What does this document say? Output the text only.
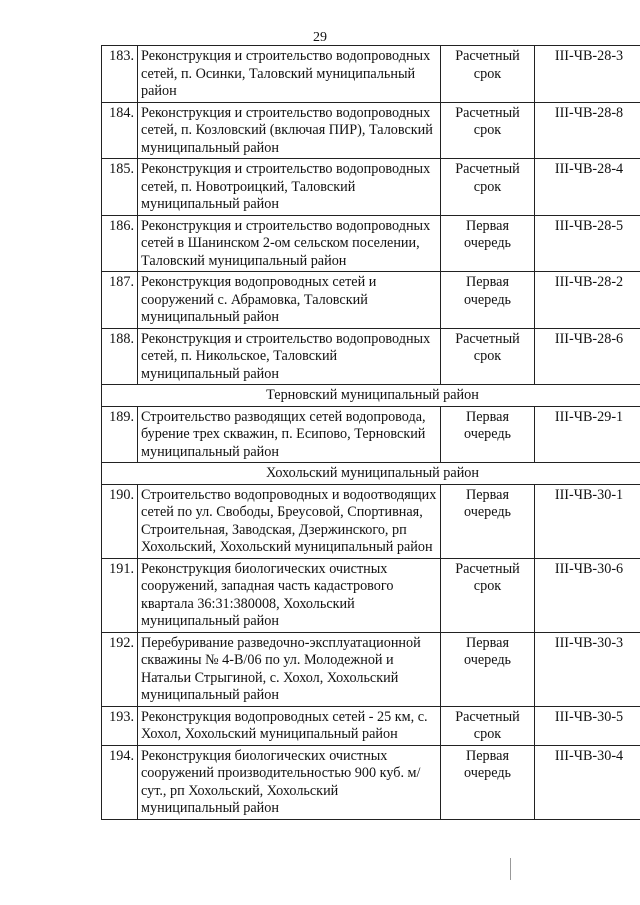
29
183.	Реконструкция и строительство водопроводных сетей, п. Осинки, Таловский муниципальный район	Расчетный срок	III-ЧВ-28-3
184.	Реконструкция и строительство водопроводных сетей, п. Козловский (включая ПИР), Таловский муниципальный район	Расчетный срок	III-ЧВ-28-8
185.	Реконструкция и строительство водопроводных сетей, п. Новотроицкий, Таловский муниципальный район	Расчетный срок	III-ЧВ-28-4
186.	Реконструкция и строительство водопроводных сетей в Шанинском 2-ом сельском поселении, Таловский муниципальный район	Первая очередь	III-ЧВ-28-5
187.	Реконструкция водопроводных сетей и сооружений с. Абрамовка, Таловский муниципальный район	Первая очередь	III-ЧВ-28-2
188.	Реконструкция и строительство водопроводных сетей, п. Никольское, Таловский муниципальный район	Расчетный срок	III-ЧВ-28-6
Терновский муниципальный район			
189.	Строительство разводящих сетей водопровода, бурение трех скважин, п. Есипово, Терновский муниципальный район	Первая очередь	III-ЧВ-29-1
Хохольский муниципальный район			
190.	Строительство водопроводных и водоотводящих сетей по ул. Свободы, Бреусовой, Спортивная, Строительная, Заводская, Дзержинского, рп Хохольский, Хохольский муниципальный район	Первая очередь	III-ЧВ-30-1
191.	Реконструкция биологических очистных сооружений, западная часть кадастрового квартала 36:31:380008, Хохольский муниципальный район	Расчетный срок	III-ЧВ-30-6
192.	Перебуривание разведочно-эксплуатационной скважины № 4-В/06 по ул. Молодежной и Натальи Стрыгиной, с. Хохол, Хохольский муниципальный район	Первая очередь	III-ЧВ-30-3
193.	Реконструкция водопроводных сетей - 25 км, с. Хохол, Хохольский муниципальный район	Расчетный срок	III-ЧВ-30-5
194.	Реконструкция биологических очистных сооружений производительностью 900 куб. м/сут., рп Хохольский, Хохольский муниципальный район	Первая очередь	III-ЧВ-30-4
